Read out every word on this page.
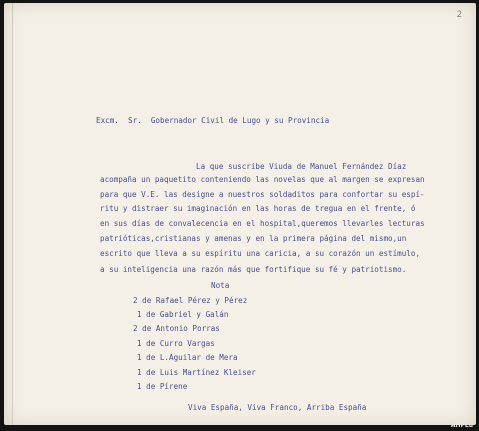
2
Excm.  Sr.  Gobernador Civil de Lugo y su Provincia
La que suscribe Viuda de Manuel Fernández Díaz
acompaña un paquetito conteniendo las novelas que al margen se expresan
para que V.E. las designe a nuestros soldaditos para confortar su espí-
ritu y distraer su imaginación en las horas de tregua en el frente, ó
en sus días de convalecencia en el hospital,queremos llevarles lecturas
patrióticas,cristianas y amenas y en la primera página del mismo,un
escrito que lleva a su espíritu una caricia, a su corazón un estímulo,
a su inteligencia una razón más que fortifique su fé y patriotismo.
Nota
2 de Rafael Pérez y Pérez
1 de Gabriel y Galán
2 de Antonio Porras
1 de Curro Vargas
1 de L.Aguilar de Mera
1 de Luis Martínez Kleiser
1 de Pírene
Viva España, Viva Franco, Arriba España
AHPLu
